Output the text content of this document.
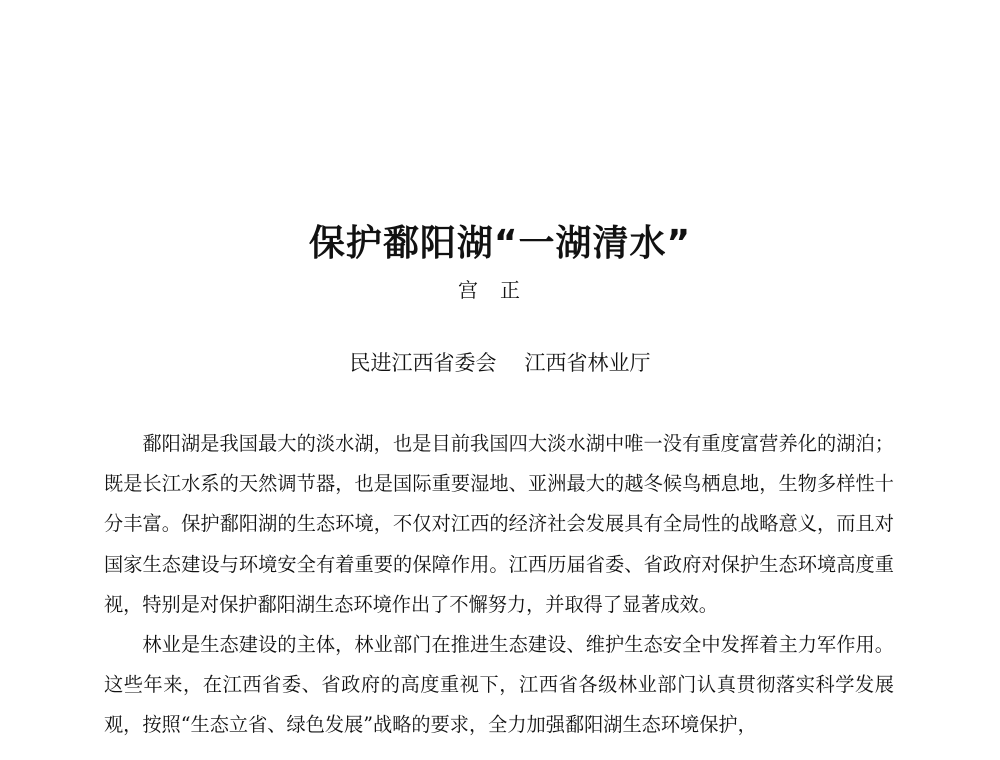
保护鄱阳湖“一湖清水”
宫正
民进江西省委会 江西省林业厅

鄱阳湖是我国最大的淡水湖，也是目前我国四大淡水湖中唯一没有重度富营养化的湖泊；既是长江水系的天然调节器，也是国际重要湿地、亚洲最大的越冬候鸟栖息地，生物多样性十分丰富。保护鄱阳湖的生态环境，不仅对江西的经济社会发展具有全局性的战略意义，而且对国家生态建设与环境安全有着重要的保障作用。江西历届省委、省政府对保护生态环境高度重视，特别是对保护鄱阳湖生态环境作出了不懈努力，并取得了显著成效。

林业是生态建设的主体，林业部门在推进生态建设、维护生态安全中发挥着主力军作用。这些年来，在江西省委、省政府的高度重视下，江西省各级林业部门认真贯彻落实科学发展观，按照“生态立省、绿色发展”战略的要求，全力加强鄱阳湖生态环境保护，
